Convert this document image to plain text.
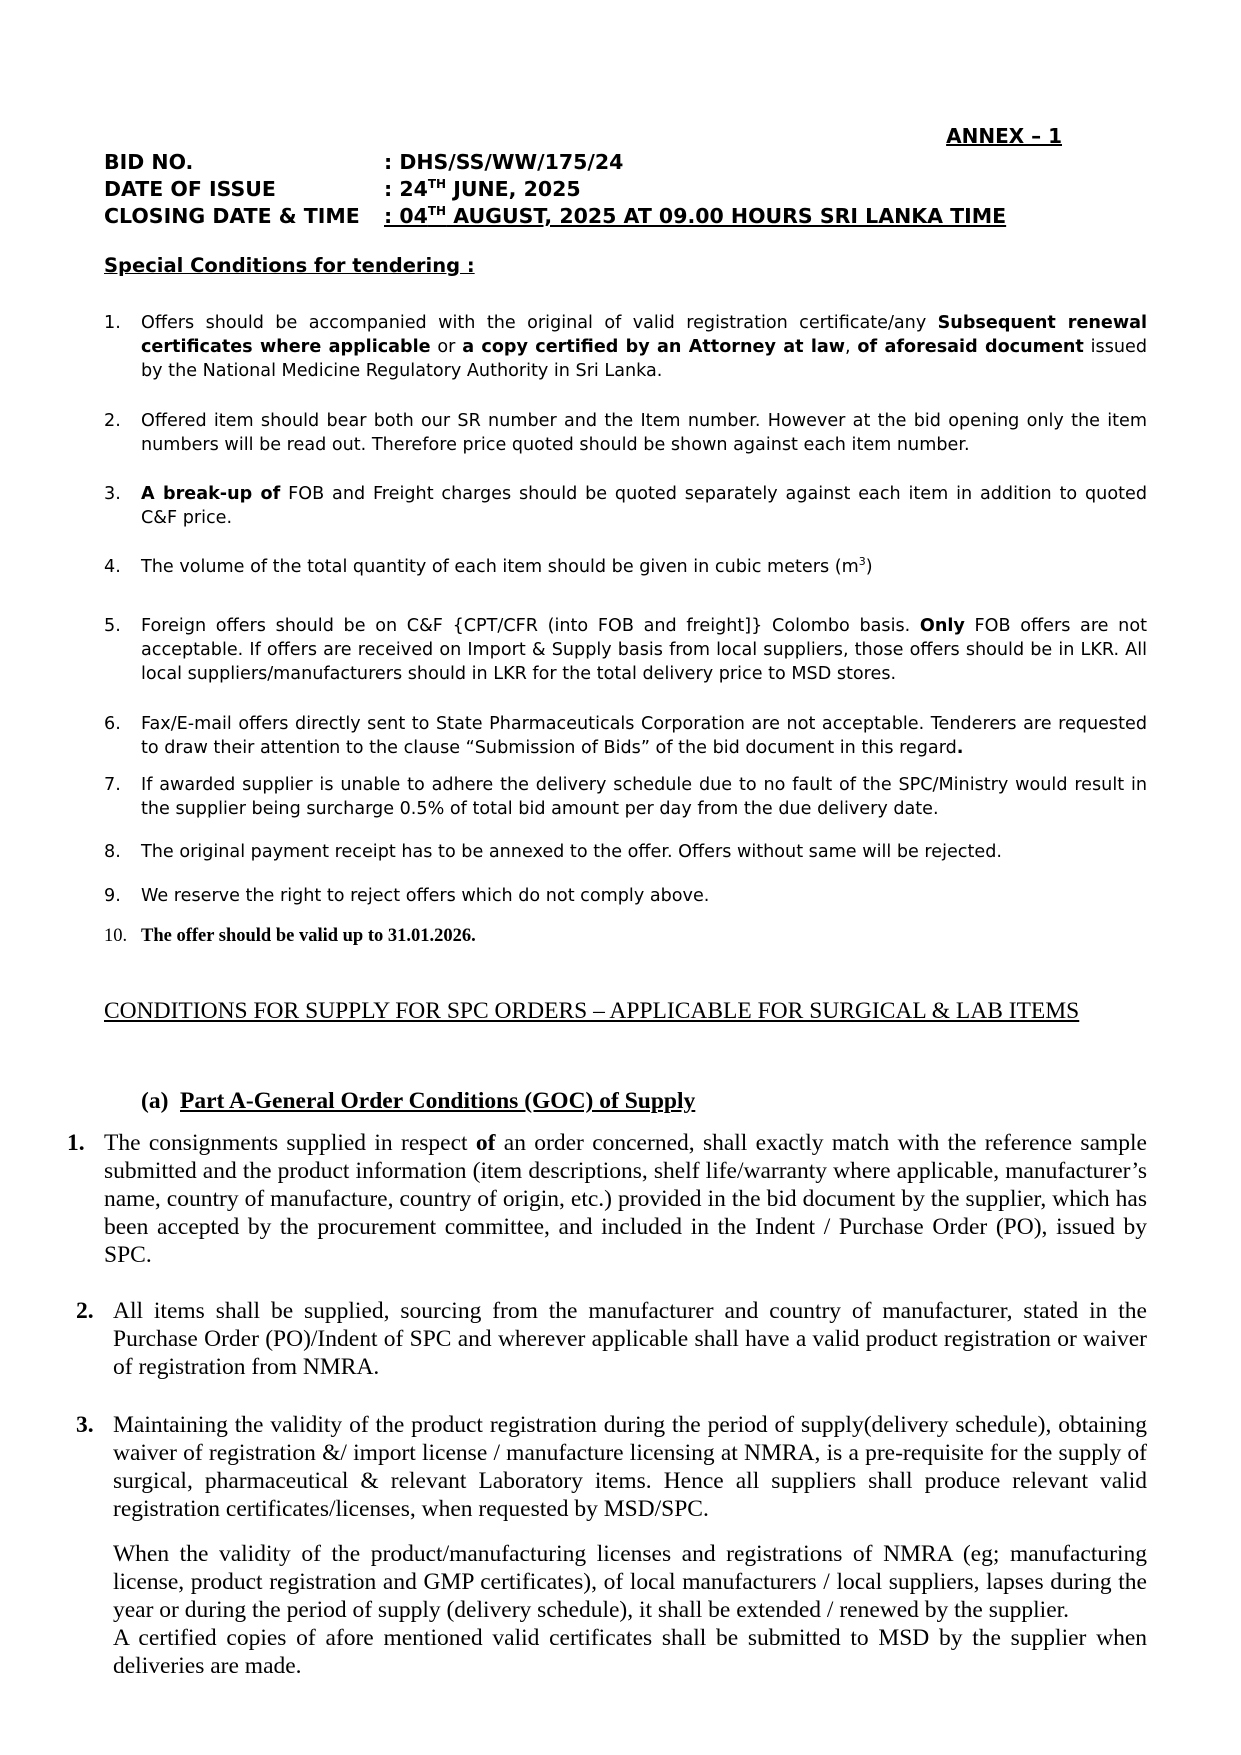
ANNEX – 1
BID NO.	: DHS/SS/WW/175/24
DATE OF ISSUE	: 24TH JUNE, 2025
CLOSING DATE & TIME : 04TH AUGUST, 2025 AT 09.00 HOURS SRI LANKA TIME
Special Conditions for tendering :
1. Offers should be accompanied with the original of valid registration certificate/any Subsequent renewal certificates where applicable or a copy certified by an Attorney at law, of aforesaid document issued by the National Medicine Regulatory Authority in Sri Lanka.
2. Offered item should bear both our SR number and the Item number. However at the bid opening only the item numbers will be read out. Therefore price quoted should be shown against each item number.
3. A break-up of FOB and Freight charges should be quoted separately against each item in addition to quoted C&F price.
4. The volume of the total quantity of each item should be given in cubic meters $(m^3)$
5. Foreign offers should be on C&F {CPT/CFR (into FOB and freight]} Colombo basis. Only FOB offers are not acceptable. If offers are received on Import & Supply basis from local suppliers, those offers should be in LKR. All local suppliers/manufacturers should in LKR for the total delivery price to MSD stores.
6. Fax/E-mail offers directly sent to State Pharmaceuticals Corporation are not acceptable. Tenderers are requested to draw their attention to the clause “Submission of Bids” of the bid document in this regard.
7. If awarded supplier is unable to adhere the delivery schedule due to no fault of the SPC/Ministry would result in the supplier being surcharge 0.5% of total bid amount per day from the due delivery date.
8. The original payment receipt has to be annexed to the offer. Offers without same will be rejected.
9. We reserve the right to reject offers which do not comply above.
10. The offer should be valid up to 31.01.2026.
CONDITIONS FOR SUPPLY FOR SPC ORDERS – APPLICABLE FOR SURGICAL & LAB ITEMS
(a) Part A-General Order Conditions (GOC) of Supply
1. The consignments supplied in respect of an order concerned, shall exactly match with the reference sample submitted and the product information (item descriptions, shelf life/warranty where applicable, manufacturer’s name, country of manufacture, country of origin, etc.) provided in the bid document by the supplier, which has been accepted by the procurement committee, and included in the Indent / Purchase Order (PO), issued by SPC.
2. All items shall be supplied, sourcing from the manufacturer and country of manufacturer, stated in the Purchase Order (PO)/Indent of SPC and wherever applicable shall have a valid product registration or waiver of registration from NMRA.
3. Maintaining the validity of the product registration during the period of supply(delivery schedule), obtaining waiver of registration &/ import license / manufacture licensing at NMRA, is a pre-requisite for the supply of surgical, pharmaceutical & relevant Laboratory items. Hence all suppliers shall produce relevant valid registration certificates/licenses, when requested by MSD/SPC.
When the validity of the product/manufacturing licenses and registrations of NMRA (eg; manufacturing license, product registration and GMP certificates), of local manufacturers / local suppliers, lapses during the year or during the period of supply (delivery schedule), it shall be extended / renewed by the supplier.
A certified copies of afore mentioned valid certificates shall be submitted to MSD by the supplier when deliveries are made.
